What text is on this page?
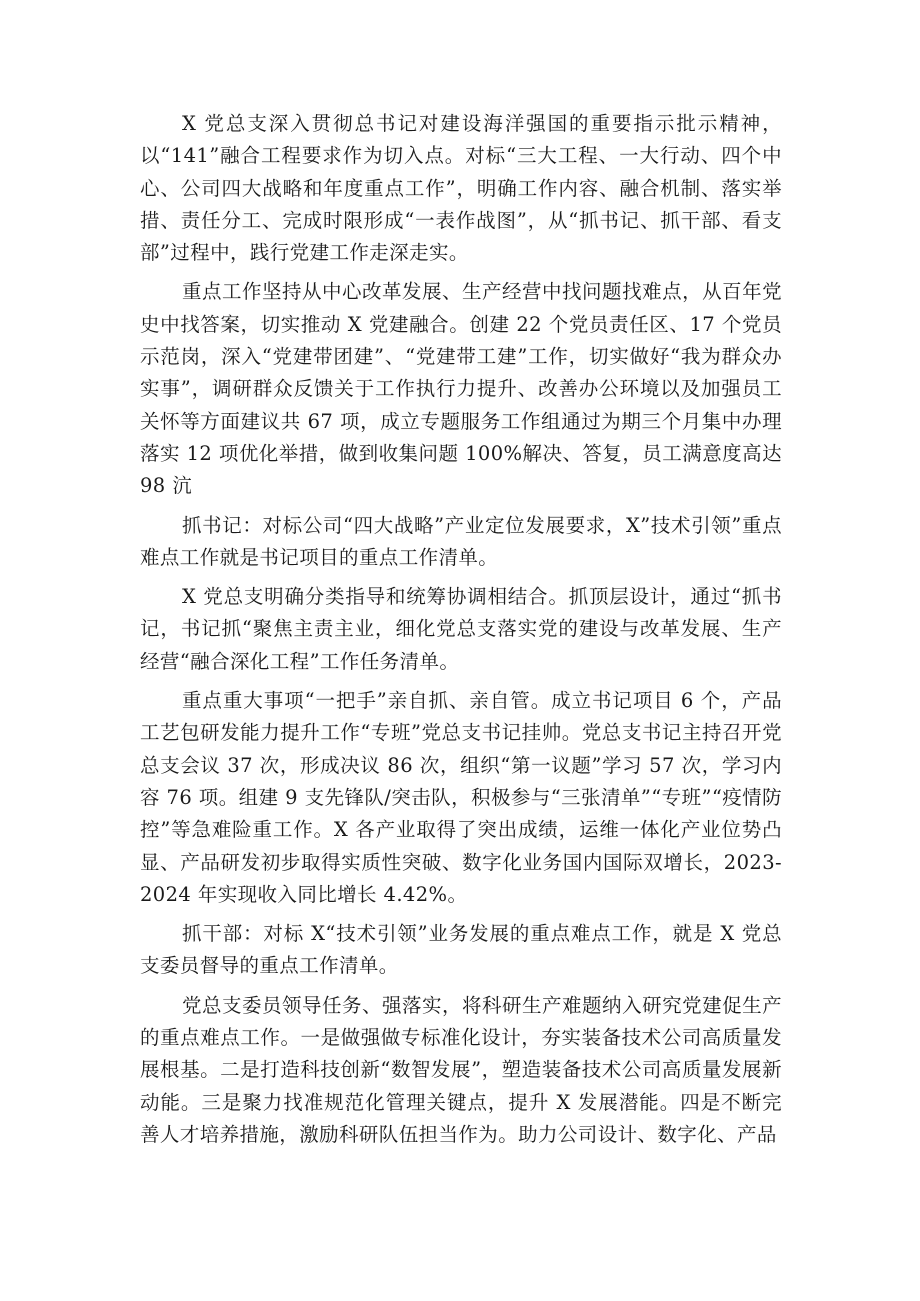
X 党总支深入贯彻总书记对建设海洋强国的重要指示批示精神，以“141”融合工程要求作为切入点。对标“三大工程、一大行动、四个中心、公司四大战略和年度重点工作”，明确工作内容、融合机制、落实举措、责任分工、完成时限形成“一表作战图”，从“抓书记、抓干部、看支部”过程中，践行党建工作走深走实。

重点工作坚持从中心改革发展、生产经营中找问题找难点，从百年党史中找答案，切实推动 X 党建融合。创建 22 个党员责任区、17 个党员示范岗，深入“党建带团建”、“党建带工建”工作，切实做好“我为群众办实事”，调研群众反馈关于工作执行力提升、改善办公环境以及加强员工关怀等方面建议共 67 项，成立专题服务工作组通过为期三个月集中办理落实 12 项优化举措，做到收集问题 100%解决、答复，员工满意度高达 98 沆

抓书记：对标公司“四大战略”产业定位发展要求，X”技术引领”重点难点工作就是书记项目的重点工作清单。

X 党总支明确分类指导和统筹协调相结合。抓顶层设计，通过“抓书记，书记抓“聚焦主责主业，细化党总支落实党的建设与改革发展、生产经营“融合深化工程”工作任务清单。

重点重大事项“一把手”亲自抓、亲自管。成立书记项目 6 个，产品工艺包研发能力提升工作“专班”党总支书记挂帅。党总支书记主持召开党总支会议 37 次，形成决议 86 次，组织“第一议题”学习 57 次，学习内容 76 项。组建 9 支先锋队/突击队，积极参与“三张清单”“专班”“疫情防控”等急难险重工作。X 各产业取得了突出成绩，运维一体化产业位势凸显、产品研发初步取得实质性突破、数字化业务国内国际双增长，2023-2024 年实现收入同比增长 4.42%。

抓干部：对标 X“技术引领”业务发展的重点难点工作，就是 X 党总支委员督导的重点工作清单。

党总支委员领导任务、强落实，将科研生产难题纳入研究党建促生产的重点难点工作。一是做强做专标准化设计，夯实装备技术公司高质量发展根基。二是打造科技创新“数智发展”，塑造装备技术公司高质量发展新动能。三是聚力找准规范化管理关键点，提升 X 发展潜能。四是不断完善人才培养措施，激励科研队伍担当作为。助力公司设计、数字化、产品
